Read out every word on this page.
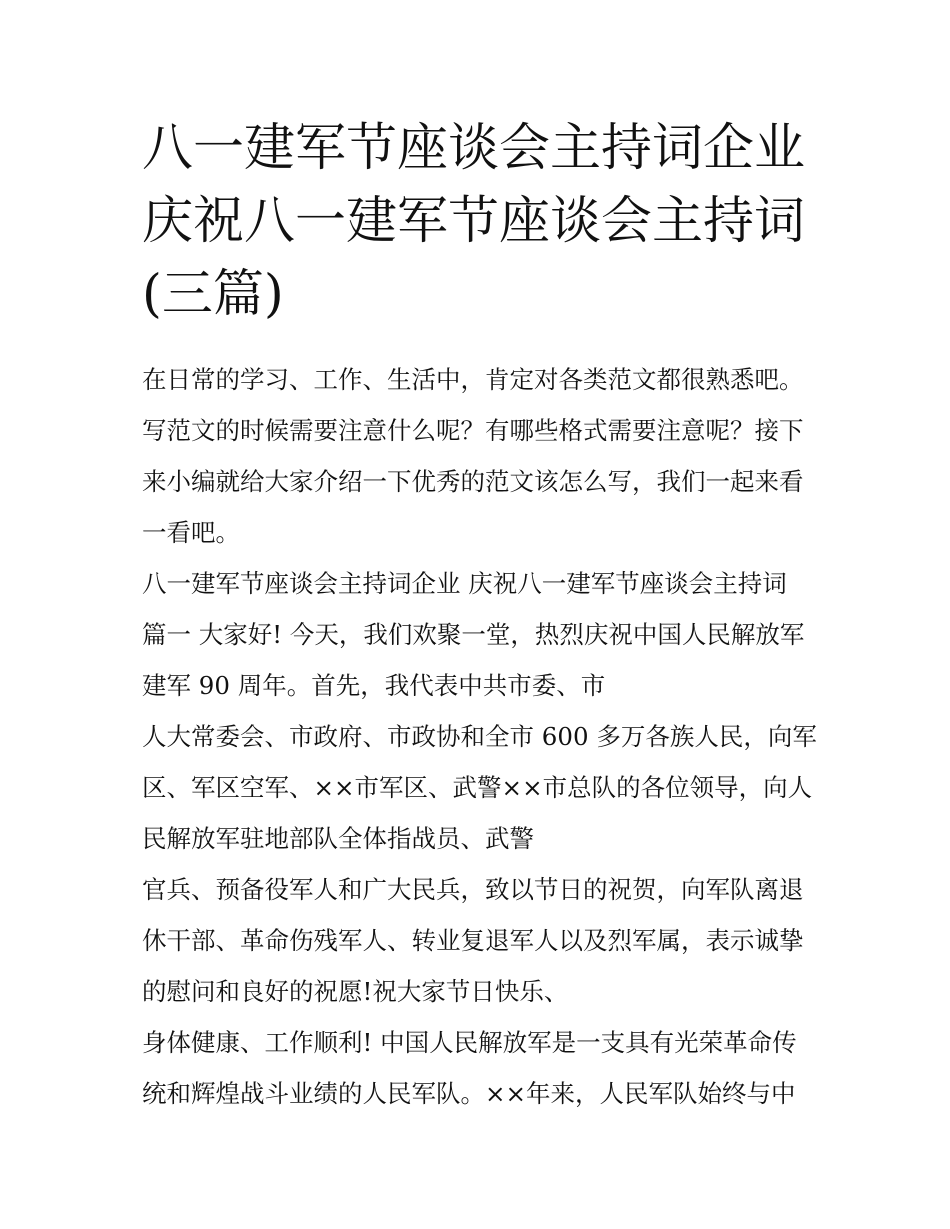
八一建军节座谈会主持词企业
庆祝八一建军节座谈会主持词
(三篇)
在日常的学习、工作、生活中，肯定对各类范文都很熟悉吧。
写范文的时候需要注意什么呢？有哪些格式需要注意呢？接下
来小编就给大家介绍一下优秀的范文该怎么写，我们一起来看
一看吧。
八一建军节座谈会主持词企业 庆祝八一建军节座谈会主持词
篇一 大家好! 今天，我们欢聚一堂，热烈庆祝中国人民解放军
建军 90 周年。首先，我代表中共市委、市
人大常委会、市政府、市政协和全市 600 多万各族人民，向军
区、军区空军、××市军区、武警××市总队的各位领导，向人
民解放军驻地部队全体指战员、武警
官兵、预备役军人和广大民兵，致以节日的祝贺，向军队离退
休干部、革命伤残军人、转业复退军人以及烈军属，表示诚挚
的慰问和良好的祝愿!祝大家节日快乐、
身体健康、工作顺利! 中国人民解放军是一支具有光荣革命传
统和辉煌战斗业绩的人民军队。××年来，人民军队始终与中
